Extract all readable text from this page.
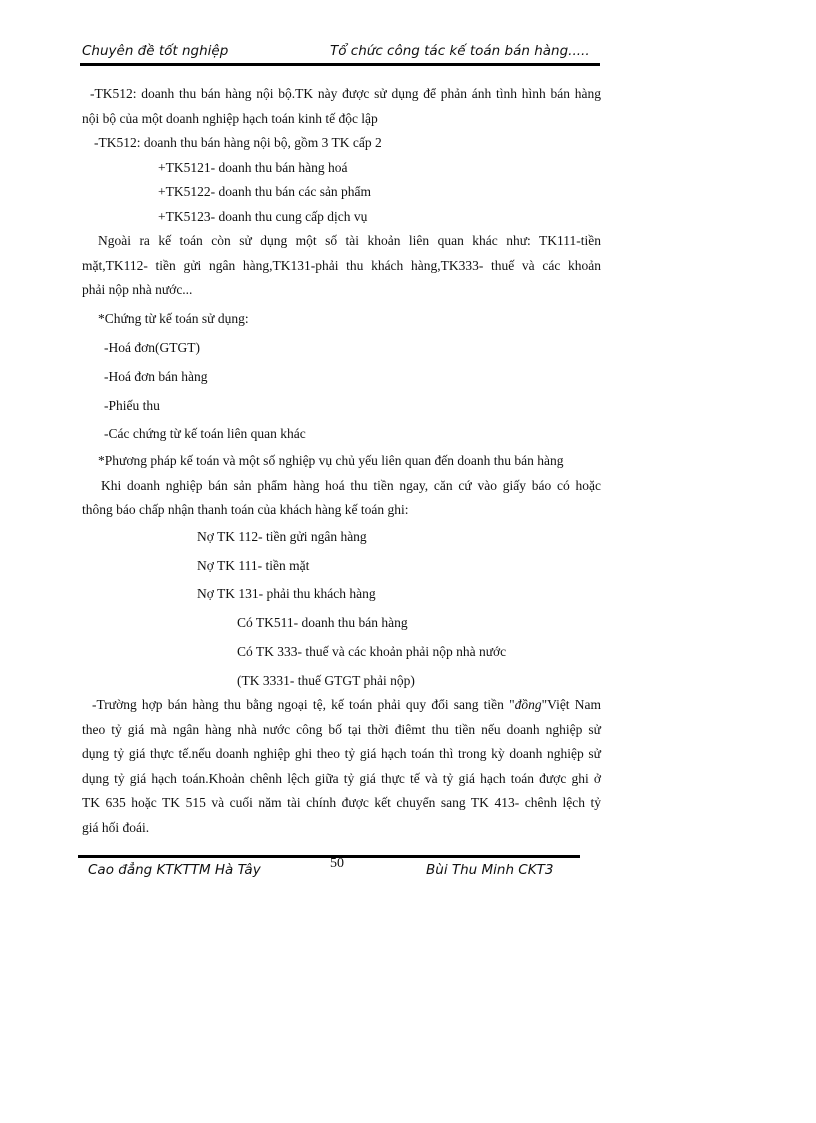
Chuyên đề tốt nghiệp	Tổ chức công tác kế toán bán hàng.....
-TK512: doanh thu bán hàng nội bộ.TK này được sử dụng để phản ánh tình hình bán hàng
nội bộ của một doanh nghiệp hạch toán kinh tế độc lập
-TK512: doanh thu bán hàng nội bộ, gồm 3 TK cấp 2
+TK5121- doanh thu bán hàng hoá
+TK5122- doanh thu bán các sản phẩm
+TK5123- doanh thu cung cấp dịch vụ
Ngoài ra kế toán còn sử dụng một số tài khoản liên quan khác như: TK111-tiền
mặt,TK112- tiền gửi ngân hàng,TK131-phải thu khách hàng,TK333- thuế và các khoản
phải nộp nhà nước...
*Chứng từ kế toán sử dụng:
-Hoá đơn(GTGT)
-Hoá đơn bán hàng
-Phiếu thu
-Các chứng từ kế toán liên quan khác
*Phương pháp kế toán và một số nghiệp vụ chủ yếu liên quan đến doanh thu bán hàng
Khi doanh nghiệp bán sản phẩm hàng hoá thu tiền ngay, căn cứ vào giấy báo có hoặc
thông báo chấp nhận thanh toán của khách hàng kế toán ghi:
Nợ TK 112- tiền gửi ngân hàng
Nợ TK 111- tiền mặt
Nợ TK 131- phải thu khách hàng
Có TK511- doanh thu bán hàng
Có TK 333- thuế và các khoản phải nộp nhà nước
(TK 3331- thuế GTGT phải nộp)
-Trường hợp bán hàng thu bằng ngoại tệ, kế toán phải quy đổi sang tiền "đồng"Việt Nam
theo tỷ giá mà ngân hàng nhà nước công bố tại thời điêmt thu tiền nếu doanh nghiệp sử
dụng tỷ giá thực tế.nếu doanh nghiệp ghi theo tỷ giá hạch toán thì trong kỳ doanh nghiệp sử
dụng tỷ giá hạch toán.Khoản chênh lệch giữa tỷ giá thực tế và tỷ giá hạch toán được ghi ở
TK 635 hoặc TK 515 và cuối năm tài chính được kết chuyển sang TK 413- chênh lệch tỷ
giá hối đoái.
Cao đẳng KTKTTM Hà Tây	50	Bùi Thu Minh CKT3
